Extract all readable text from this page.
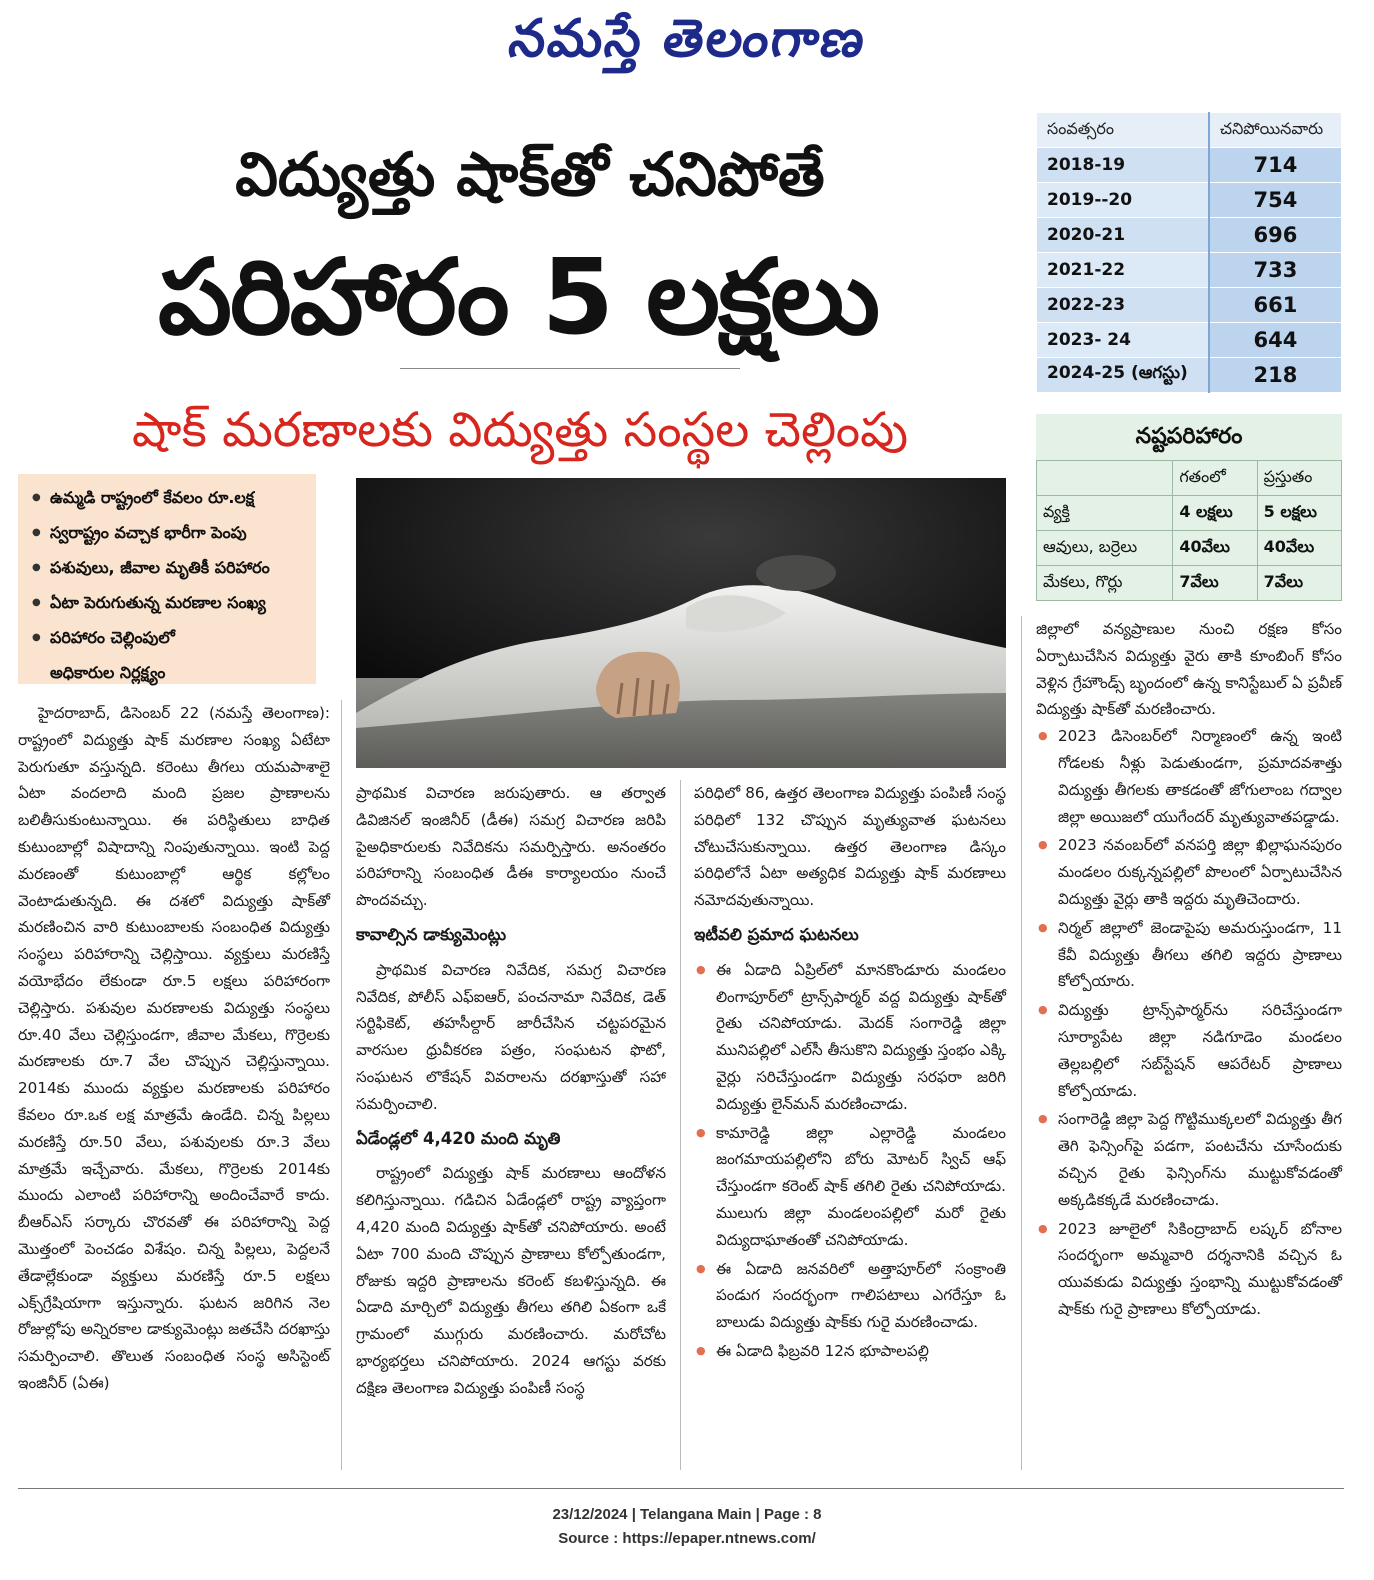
నమస్తే తెలంగాణ
విద్యుత్తు షాక్‌తో చనిపోతే
పరిహారం 5 లక్షలు
షాక్ మరణాలకు విద్యుత్తు సంస్థల చెల్లింపు
సంవత్సరం	చనిపోయినవారు
2018-19	714
2019--20	754
2020-21	696
2021-22	733
2022-23	661
2023- 24	644
2024-25 (ఆగస్టు)	218
నష్టపరిహారం
	గతంలో	ప్రస్తుతం
వ్యక్తి	4 లక్షలు	5 లక్షలు
ఆవులు, బర్రెలు	40వేలు	40వేలు
మేకలు, గొర్లు	7వేలు	7వేలు
● ఉమ్మడి రాష్ట్రంలో కేవలం రూ.లక్ష
● స్వరాష్ట్రం వచ్చాక భారీగా పెంపు
● పశువులు, జీవాల మృతికీ పరిహారం
● ఏటా పెరుగుతున్న మరణాల సంఖ్య
● పరిహారం చెల్లింపులో
అధికారుల నిర్లక్ష్యం

హైదరాబాద్, డిసెంబర్ 22 (నమస్తే తెలంగాణ): రాష్ట్రంలో విద్యుత్తు షాక్ మరణాల సంఖ్య ఏటేటా పెరుగుతూ వస్తున్నది. కరెంటు తీగలు యమపాశాలై ఏటా వందలాది మంది ప్రజల ప్రాణాలను బలితీసుకుంటున్నాయి. ఈ పరిస్థితులు బాధిత కుటుంబాల్లో విషాదాన్ని నింపుతున్నాయి. ఇంటి పెద్ద మరణంతో కుటుంబాల్లో ఆర్థిక కల్లోలం వెంటాడుతున్నది. ఈ దశలో విద్యుత్తు షాక్‌తో మరణించిన వారి కుటుంబాలకు సంబంధిత విద్యుత్తు సంస్థలు పరిహారాన్ని చెల్లిస్తాయి. వ్యక్తులు మరణిస్తే వయోభేదం లేకుండా రూ.5 లక్షలు పరిహారంగా చెల్లిస్తారు. పశువుల మరణాలకు విద్యుత్తు సంస్థలు రూ.40 వేలు చెల్లిస్తుండగా, జీవాల మేకలు, గొర్రెలకు మరణాలకు రూ.7 వేల చొప్పున చెల్లిస్తున్నాయి. 2014కు ముందు వ్యక్తుల మరణాలకు పరిహారం కేవలం రూ.ఒక లక్ష మాత్రమే ఉండేది. చిన్న పిల్లలు మరణిస్తే రూ.50 వేలు, పశువులకు రూ.3 వేలు మాత్రమే ఇచ్చేవారు. మేకలు, గొర్రెలకు 2014కు ముందు ఎలాంటి పరిహారాన్ని అందించేవారే కాదు. బీఆర్‌ఎస్ సర్కారు చొరవతో ఈ పరిహారాన్ని పెద్ద మొత్తంలో పెంచడం విశేషం. చిన్న పిల్లలు, పెద్దలనే తేడాల్లేకుండా వ్యక్తులు మరణిస్తే రూ.5 లక్షలు ఎక్స్‌గ్రేషియాగా ఇస్తున్నారు. ఘటన జరిగిన నెల రోజుల్లోపు అన్నిరకాల డాక్యుమెంట్లు జతచేసి దరఖాస్తు సమర్పించాలి. తొలుత సంబంధిత సంస్థ అసిస్టెంట్ ఇంజినీర్ (ఏఈ)

ప్రాథమిక విచారణ జరుపుతారు. ఆ తర్వాత డివిజినల్ ఇంజినీర్ (డీఈ) సమగ్ర విచారణ జరిపి పైఅధికారులకు నివేదికను సమర్పిస్తారు. అనంతరం పరిహారాన్ని సంబంధిత డీఈ కార్యాలయం నుంచే పొందవచ్చు.

కావాల్సిన డాక్యుమెంట్లు

ప్రాథమిక విచారణ నివేదిక, సమగ్ర విచారణ నివేదిక, పోలీస్ ఎఫ్ఐఆర్, పంచనామా నివేదిక, డెత్ సర్టిఫికెట్, తహసీల్దార్ జారీచేసిన చట్టపరమైన వారసుల ధ్రువీకరణ పత్రం, సంఘటన ఫొటో, సంఘటన లొకేషన్ వివరాలను దరఖాస్తుతో సహా సమర్పించాలి.

ఏడేండ్లలో 4,420 మంది మృతి

రాష్ట్రంలో విద్యుత్తు షాక్ మరణాలు ఆందోళన కలిగిస్తున్నాయి. గడిచిన ఏడేండ్లలో రాష్ట్ర వ్యాప్తంగా 4,420 మంది విద్యుత్తు షాక్‌తో చనిపోయారు. అంటే ఏటా 700 మంది చొప్పున ప్రాణాలు కోల్పోతుండగా, రోజుకు ఇద్దరి ప్రాణాలను కరెంట్ కబళిస్తున్నది. ఈ ఏడాది మార్చిలో విద్యుత్తు తీగలు తగిలి ఏకంగా ఒకే గ్రామంలో ముగ్గురు మరణించారు. మరోచోట భార్యభర్తలు చనిపోయారు. 2024 ఆగస్టు వరకు దక్షిణ తెలంగాణ విద్యుత్తు పంపిణీ సంస్థ

పరిధిలో 86, ఉత్తర తెలంగాణ విద్యుత్తు పంపిణీ సంస్థ పరిధిలో 132 చొప్పున మృత్యువాత ఘటనలు చోటుచేసుకున్నాయి. ఉత్తర తెలంగాణ డిస్కం పరిధిలోనే ఏటా అత్యధిక విద్యుత్తు షాక్ మరణాలు నమోదవుతున్నాయి.

ఇటీవలి ప్రమాద ఘటనలు
● ఈ ఏడాది ఏప్రిల్‌లో మానకొండూరు మండలం లింగాపూర్‌లో ట్రాన్స్‌ఫార్మర్ వద్ద విద్యుత్తు షాక్‌తో రైతు చనిపోయాడు. మెదక్ సంగారెడ్డి జిల్లా మునిపల్లిలో ఎల్‌సీ తీసుకొని విద్యుత్తు స్తంభం ఎక్కి వైర్లు సరిచేస్తుండగా విద్యుత్తు సరఫరా జరిగి విద్యుత్తు లైన్‌మన్ మరణించాడు.
● కామారెడ్డి జిల్లా ఎల్లారెడ్డి మండలం జంగమాయపల్లిలోని బోరు మోటర్ స్విచ్ ఆఫ్ చేస్తుండగా కరెంట్ షాక్ తగిలి రైతు చనిపోయాడు. ములుగు జిల్లా మండలంపల్లిలో మరో రైతు విద్యుదాఘాతంతో చనిపోయాడు.
● ఈ ఏడాది జనవరిలో అత్తాపూర్‌లో సంక్రాంతి పండుగ సందర్భంగా గాలిపటాలు ఎగరేస్తూ ఓ బాలుడు విద్యుత్తు షాక్‌కు గురై మరణించాడు.
● ఈ ఏడాది ఫిబ్రవరి 12న భూపాలపల్లి

జిల్లాలో వన్యప్రాణుల నుంచి రక్షణ కోసం ఏర్పాటుచేసిన విద్యుత్తు వైరు తాకి కూంబింగ్ కోసం వెళ్లిన గ్రేహౌండ్స్ బృందంలో ఉన్న కానిస్టేబుల్ ఏ ప్రవీణ్ విద్యుత్తు షాక్‌తో మరణించారు.

● 2023 డిసెంబర్‌లో నిర్మాణంలో ఉన్న ఇంటి గోడలకు నీళ్లు పెడుతుండగా, ప్రమాదవశాత్తు విద్యుత్తు తీగలకు తాకడంతో జోగులాంబ గద్వాల జిల్లా అయిజలో యుగేందర్ మృత్యువాతపడ్డాడు.
● 2023 నవంబర్‌లో వనపర్తి జిల్లా ఖిల్లాఘనపురం మండలం రుక్కన్నపల్లిలో పొలంలో ఏర్పాటుచేసిన విద్యుత్తు వైర్లు తాకి ఇద్దరు మృతిచెందారు.
● నిర్మల్ జిల్లాలో జెండాపైపు అమరుస్తుండగా, 11 కేవీ విద్యుత్తు తీగలు తగిలి ఇద్దరు ప్రాణాలు కోల్పోయారు.
● విద్యుత్తు ట్రాన్స్‌ఫార్మర్‌ను సరిచేస్తుండగా సూర్యాపేట జిల్లా నడిగూడెం మండలం తెల్లబల్లిలో సబ్‌స్టేషన్ ఆపరేటర్ ప్రాణాలు కోల్పోయాడు.
● సంగారెడ్డి జిల్లా పెద్ద గొట్టిముక్కలలో విద్యుత్తు తీగ తెగి ఫెన్సింగ్‌పై పడగా, పంటచేను చూసేందుకు వచ్చిన రైతు ఫెన్సింగ్‌ను ముట్టుకోవడంతో అక్కడికక్కడే మరణించాడు.
● 2023 జూలైలో సికింద్రాబాద్ లష్కర్ బోనాల సందర్భంగా అమ్మవారి దర్శనానికి వచ్చిన ఓ యువకుడు విద్యుత్తు స్తంభాన్ని ముట్టుకోవడంతో షాక్‌కు గురై ప్రాణాలు కోల్పోయాడు.
23/12/2024 | Telangana Main | Page : 8
Source : https://epaper.ntnews.com/
